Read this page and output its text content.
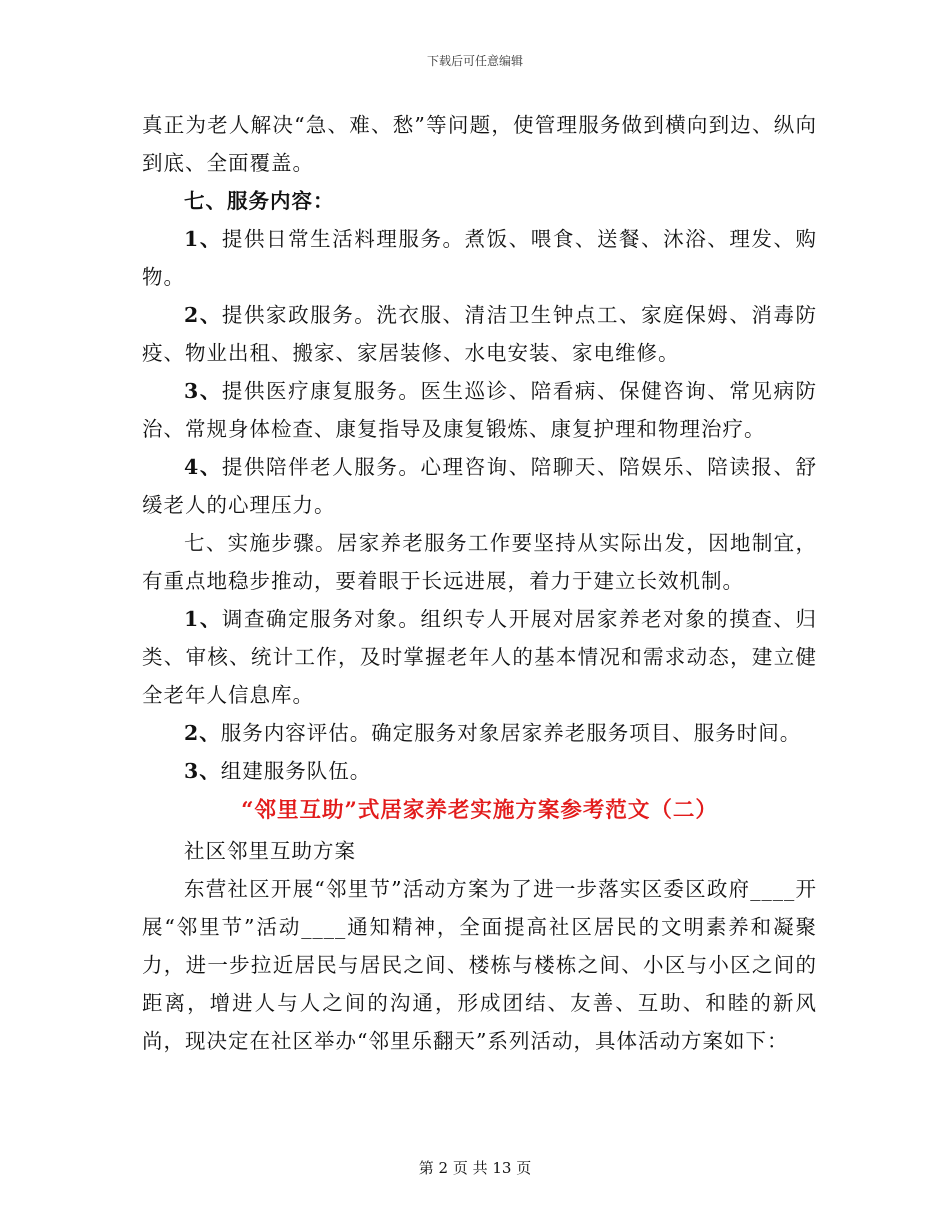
下载后可任意编辑

真正为老人解决“急、难、愁”等问题，使管理服务做到横向到边、纵向到底、全面覆盖。

七、服务内容：

1、提供日常生活料理服务。煮饭、喂食、送餐、沐浴、理发、购物。

2、提供家政服务。洗衣服、清洁卫生钟点工、家庭保姆、消毒防疫、物业出租、搬家、家居装修、水电安装、家电维修。

3、提供医疗康复服务。医生巡诊、陪看病、保健咨询、常见病防治、常规身体检查、康复指导及康复锻炼、康复护理和物理治疗。

4、提供陪伴老人服务。心理咨询、陪聊天、陪娱乐、陪读报、舒缓老人的心理压力。

七、实施步骤。居家养老服务工作要坚持从实际出发，因地制宜，有重点地稳步推动，要着眼于长远进展，着力于建立长效机制。

1、调查确定服务对象。组织专人开展对居家养老对象的摸查、归类、审核、统计工作，及时掌握老年人的基本情况和需求动态，建立健全老年人信息库。

2、服务内容评估。确定服务对象居家养老服务项目、服务时间。

3、组建服务队伍。

“邻里互助”式居家养老实施方案参考范文（二）

社区邻里互助方案

东营社区开展“邻里节”活动方案为了进一步落实区委区政府____开展“邻里节”活动____通知精神，全面提高社区居民的文明素养和凝聚力，进一步拉近居民与居民之间、楼栋与楼栋之间、小区与小区之间的距离，增进人与人之间的沟通，形成团结、友善、互助、和睦的新风尚，现决定在社区举办“邻里乐翻天”系列活动，具体活动方案如下：

第 2 页 共 13 页
